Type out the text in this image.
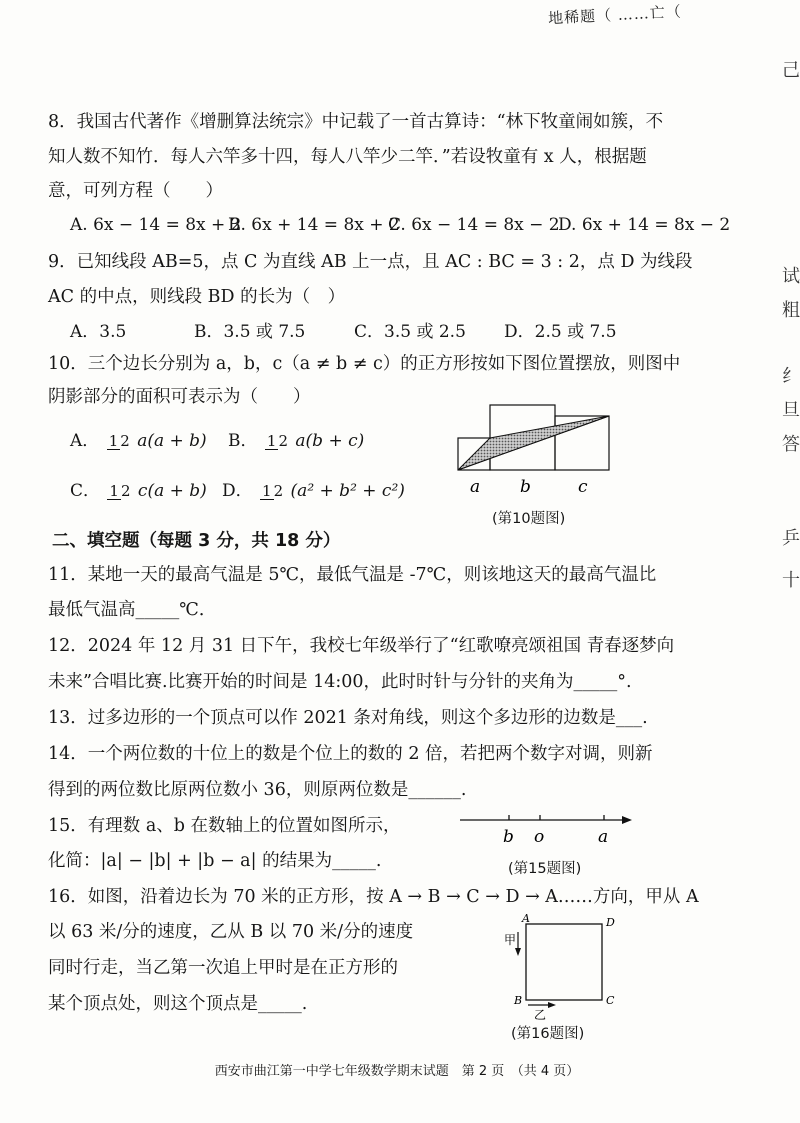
地稀题（ ……亡（
己
试
粗
纟
旦
答
乒
十
8．我国古代著作《增删算法统宗》中记载了一首古算诗：“林下牧童闹如簇，不
知人数不知竹．每人六竿多十四，每人八竿少二竿．”若设牧童有 x 人，根据题
意，可列方程（　　）
A. 6x − 14 = 8x + 2B. 6x + 14 = 8x + 2C. 6x − 14 = 8x − 2D. 6x + 14 = 8x − 2
9．已知线段 AB=5，点 C 为直线 AB 上一点，且 AC : BC = 3 : 2，点 D 为线段
AC 的中点，则线段 BD 的长为（　）
A．3.5	B．3.5 或 7.5	C．3.5 或 2.5 D．2.5 或 7.5
10．三个边长分别为 a，b，c（a ≠ b ≠ c）的正方形按如下图位置摆放，则图中
阴影部分的面积可表示为（　　）
A． 1 2 a(a + b) B． 1 2 a(b + c)
C． 1 2 c(a + b) D． 1 2 (a² + b² + c²)	a b	c
(第10题图)
二、填空题（每题 3 分，共 18 分）
11．某地一天的最高气温是 5℃，最低气温是 -7℃，则该地这天的最高气温比
最低气温高_____℃．
12．2024 年 12 月 31 日下午，我校七年级举行了“红歌嘹亮颂祖国 青春逐梦向
未来”合唱比赛.比赛开始的时间是 14:00，此时时针与分针的夹角为_____°.
13．过多边形的一个顶点可以作 2021 条对角线，则这个多边形的边数是___.
14．一个两位数的十位上的数是个位上的数的 2 倍，若把两个数字对调，则新
得到的两位数比原两位数小 36，则原两位数是______.
15．有理数 a、b 在数轴上的位置如图所示，
化简：|a| − |b| + |b − a| 的结果为_____.
b o	a
(第15题图)
16．如图，沿着边长为 70 米的正方形，按 A → B → C → D → A……方向，甲从 A
以 63 米/分的速度，乙从 B 以 70 米/分的速度
同时行走，当乙第一次追上甲时是在正方形的
某个顶点处，则这个顶点是_____.
A
B	C
D
甲
乙
(第16题图)
西安市曲江第一中学七年级数学期末试题　第 2 页　（共 4 页）
